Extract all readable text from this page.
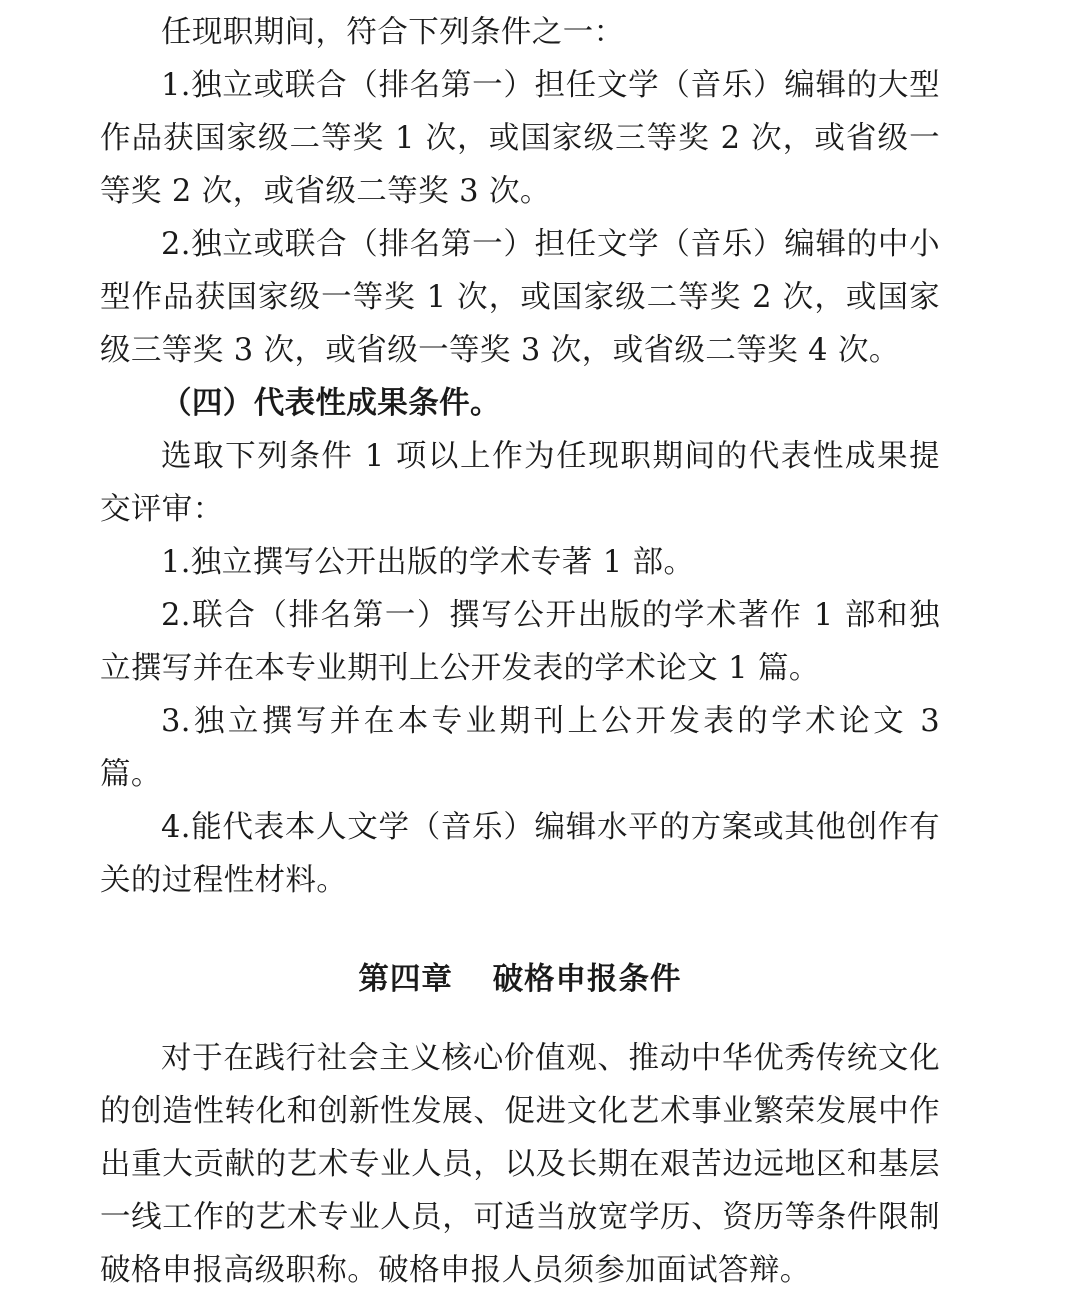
任现职期间，符合下列条件之一：

1.独立或联合（排名第一）担任文学（音乐）编辑的大型作品获国家级二等奖 1 次，或国家级三等奖 2 次，或省级一等奖 2 次，或省级二等奖 3 次。

2.独立或联合（排名第一）担任文学（音乐）编辑的中小型作品获国家级一等奖 1 次，或国家级二等奖 2 次，或国家级三等奖 3 次，或省级一等奖 3 次，或省级二等奖 4 次。

（四）代表性成果条件。

选取下列条件 1 项以上作为任现职期间的代表性成果提交评审：

1.独立撰写公开出版的学术专著 1 部。

2.联合（排名第一）撰写公开出版的学术著作 1 部和独立撰写并在本专业期刊上公开发表的学术论文 1 篇。

3.独立撰写并在本专业期刊上公开发表的学术论文 3 篇。

4.能代表本人文学（音乐）编辑水平的方案或其他创作有关的过程性材料。

第四章 破格申报条件

对于在践行社会主义核心价值观、推动中华优秀传统文化的创造性转化和创新性发展、促进文化艺术事业繁荣发展中作出重大贡献的艺术专业人员，以及长期在艰苦边远地区和基层一线工作的艺术专业人员，可适当放宽学历、资历等条件限制破格申报高级职称。破格申报人员须参加面试答辩。
